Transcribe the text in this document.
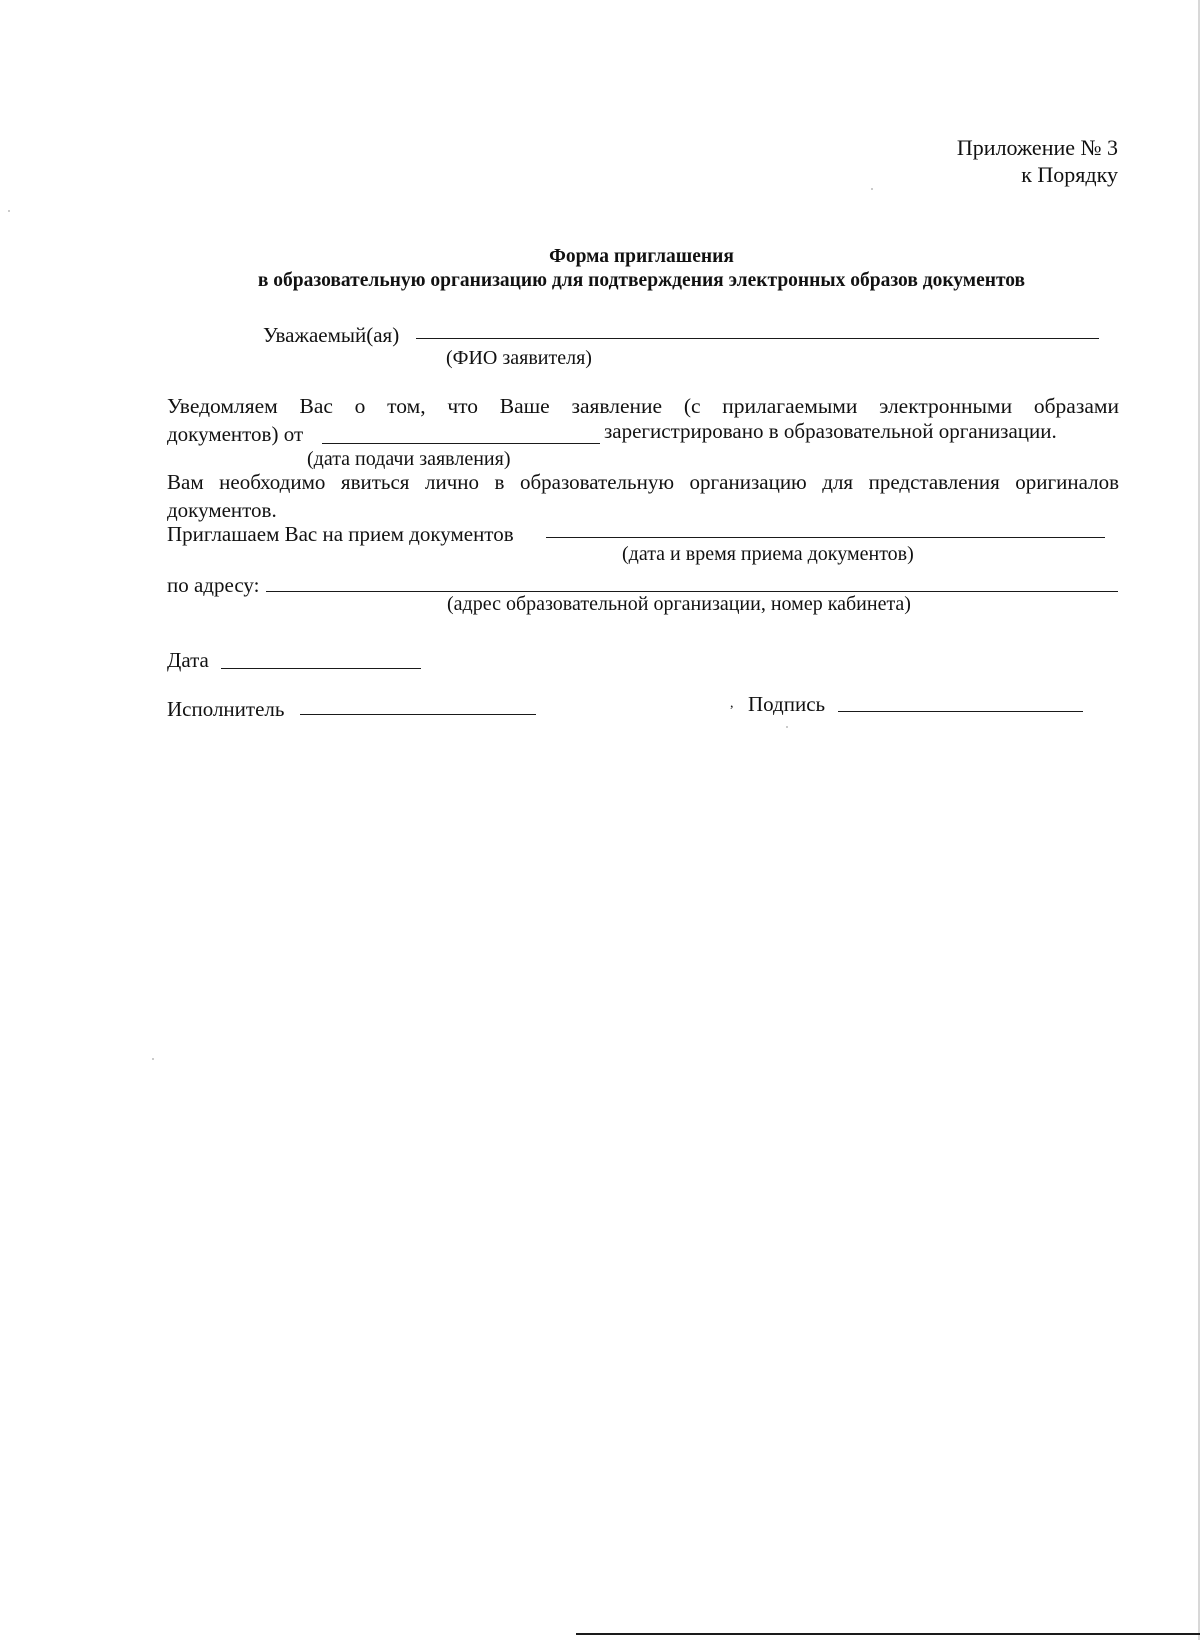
Приложение № 3
к Порядку
Форма приглашения
в образовательную организацию для подтверждения электронных образов документов
Уважаемый(ая)
(ФИО заявителя)
Уведомляем Вас о том, что Ваше заявление (с прилагаемыми электронными образами
документов) от	зарегистрировано в образовательной организации.
(дата подачи заявления)
Вам необходимо явиться лично в образовательную организацию для представления оригиналов
документов.
Приглашаем Вас на прием документов
(дата и время приема документов)
по адресу:
(адрес образовательной организации, номер кабинета)
Дата
Исполнитель	, Подпись
